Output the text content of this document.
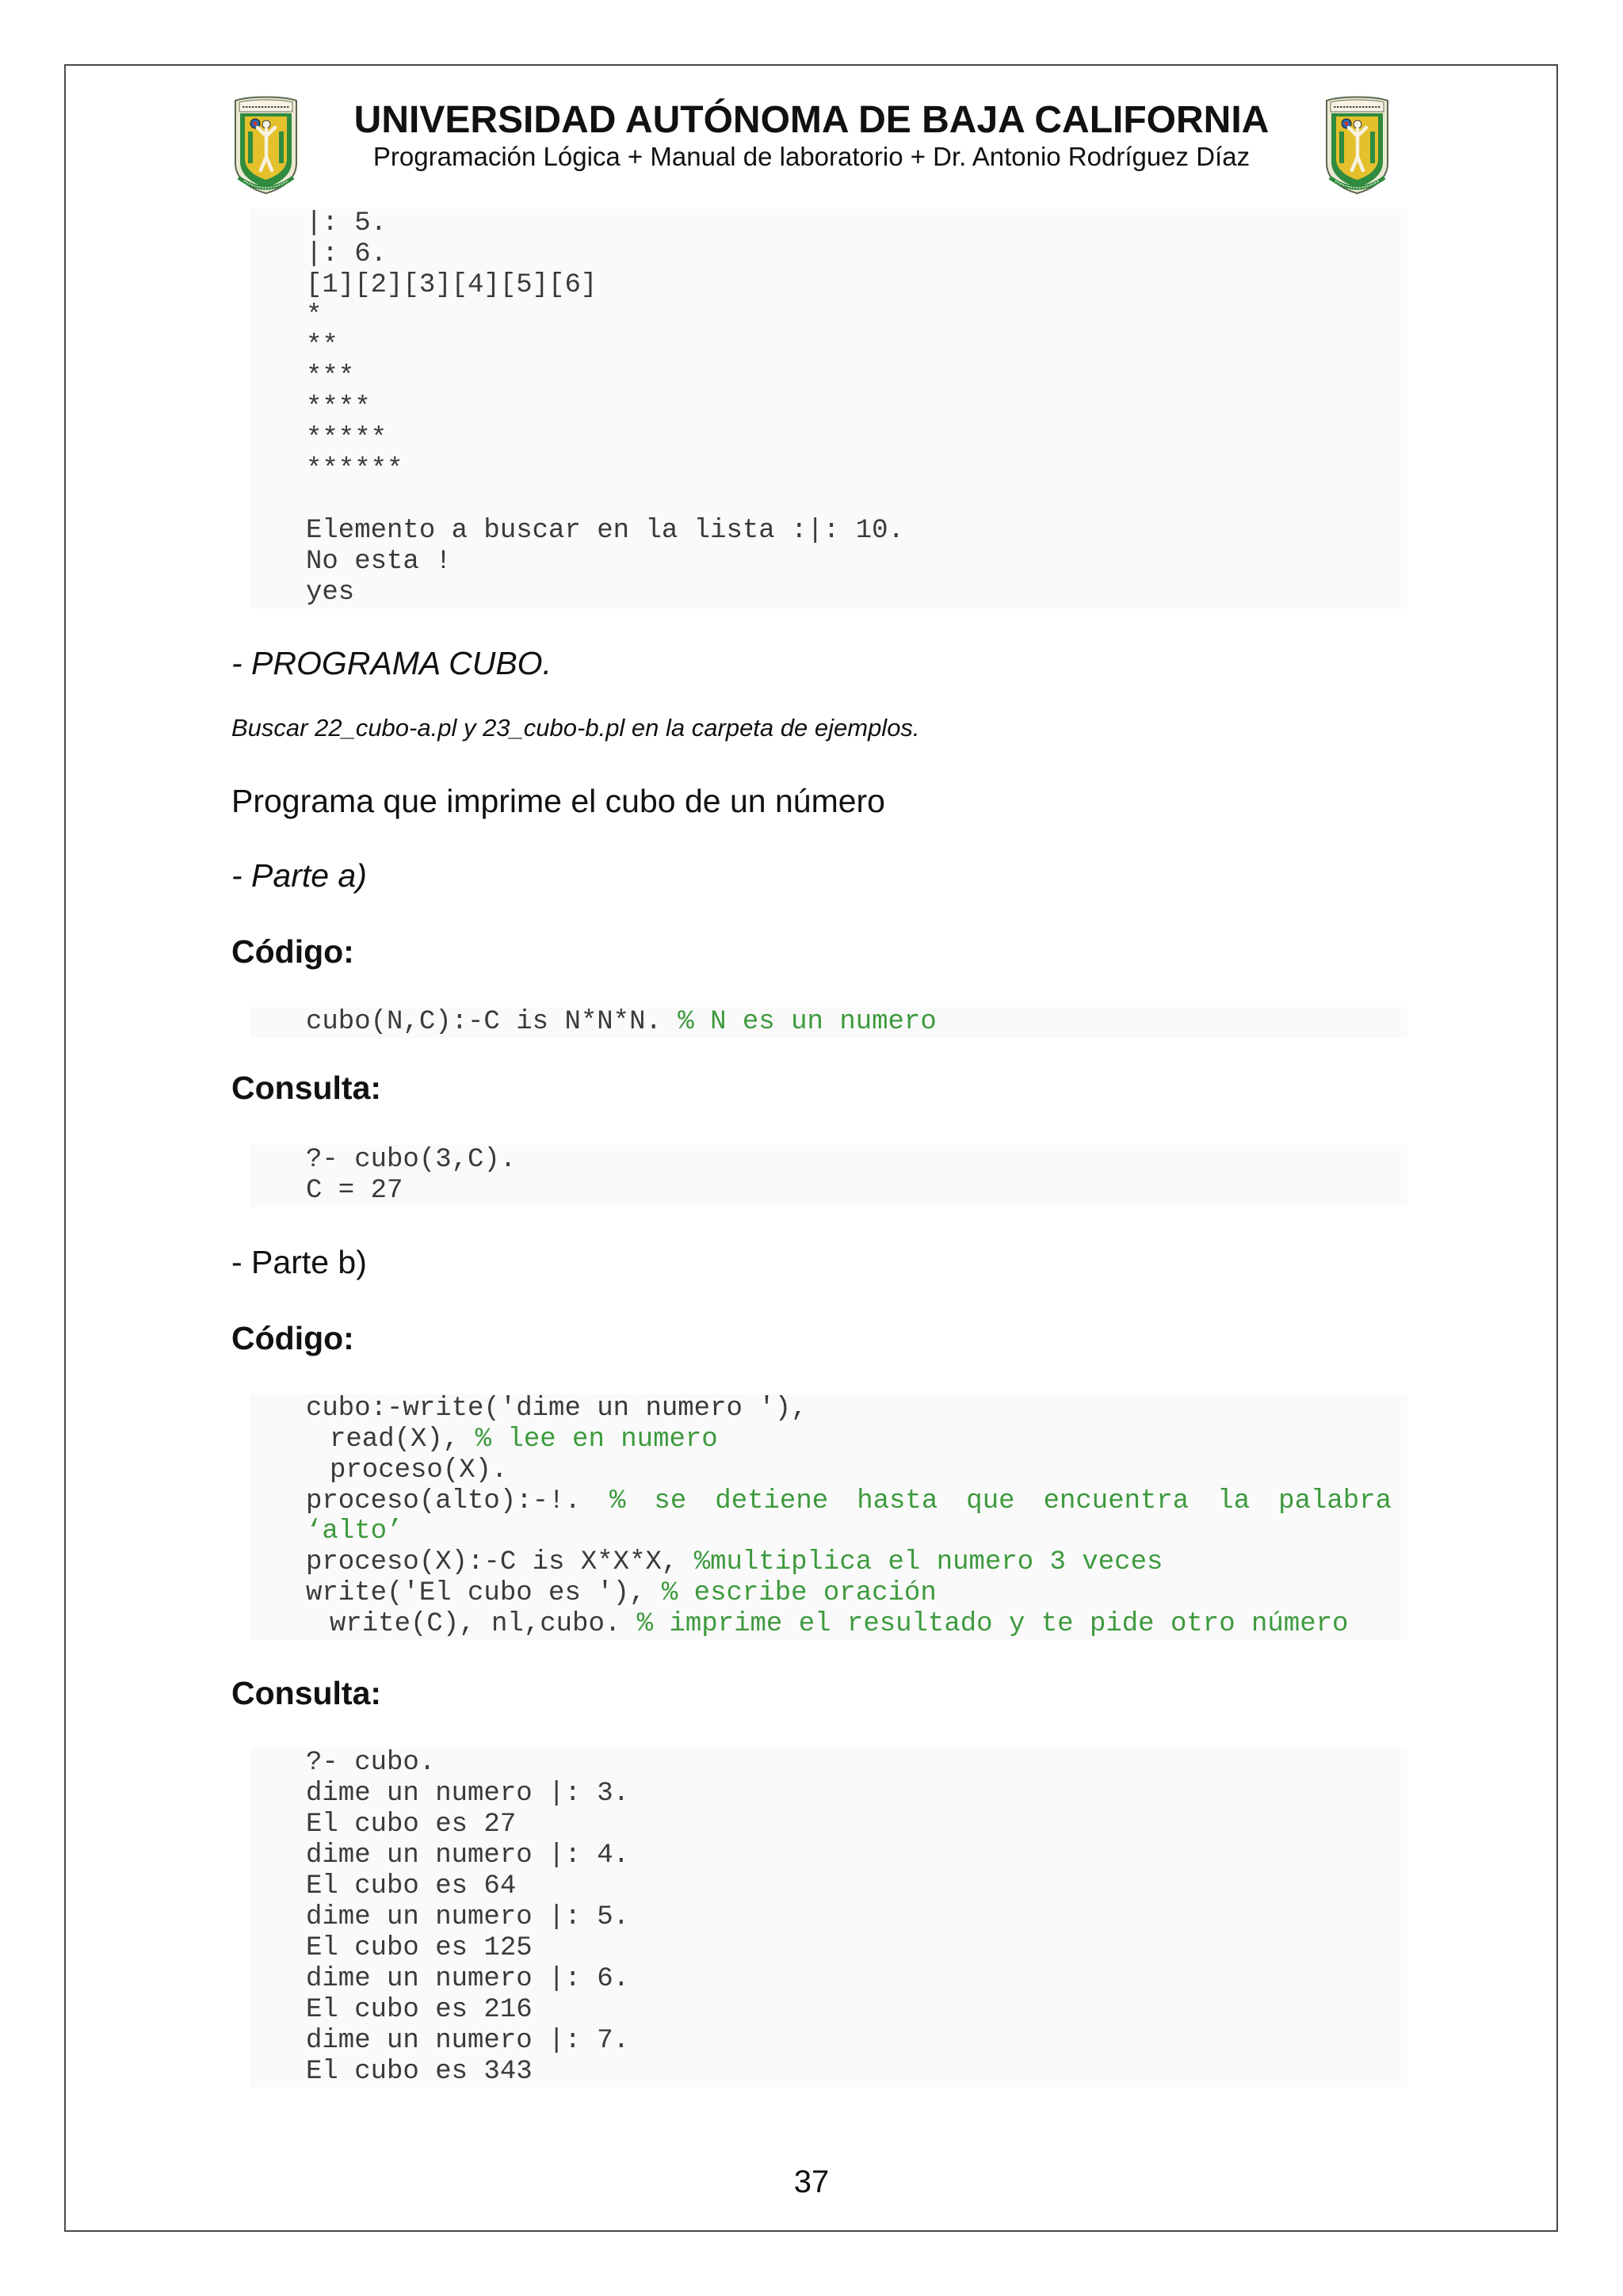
UNIVERSIDAD AUTÓNOMA DE BAJA CALIFORNIA
Programación Lógica + Manual de laboratorio + Dr. Antonio Rodríguez Díaz
|: 5.
|: 6.
[1][2][3][4][5][6]
*
**
***
****
*****
******
Elemento a buscar en la lista :|: 10.
No esta !
yes
- PROGRAMA CUBO.
Buscar 22_cubo-a.pl y 23_cubo-b.pl en la carpeta de ejemplos.
Programa que imprime el cubo de un número
- Parte a)
Código:
cubo(N,C):-C is N*N*N. % N es un numero
Consulta:
?- cubo(3,C).
C = 27
- Parte b)
Código:
cubo:-write('dime un numero '),
read(X), % lee en numero
proceso(X).
proceso(alto):-!. % se detiene hasta que encuentra la palabra
‘alto’
proceso(X):-C is X*X*X, %multiplica el numero 3 veces
write('El cubo es '), % escribe oración
write(C), nl,cubo. % imprime el resultado y te pide otro número
Consulta:
?- cubo.
dime un numero |: 3.
El cubo es 27
dime un numero |: 4.
El cubo es 64
dime un numero |: 5.
El cubo es 125
dime un numero |: 6.
El cubo es 216
dime un numero |: 7.
El cubo es 343
37
